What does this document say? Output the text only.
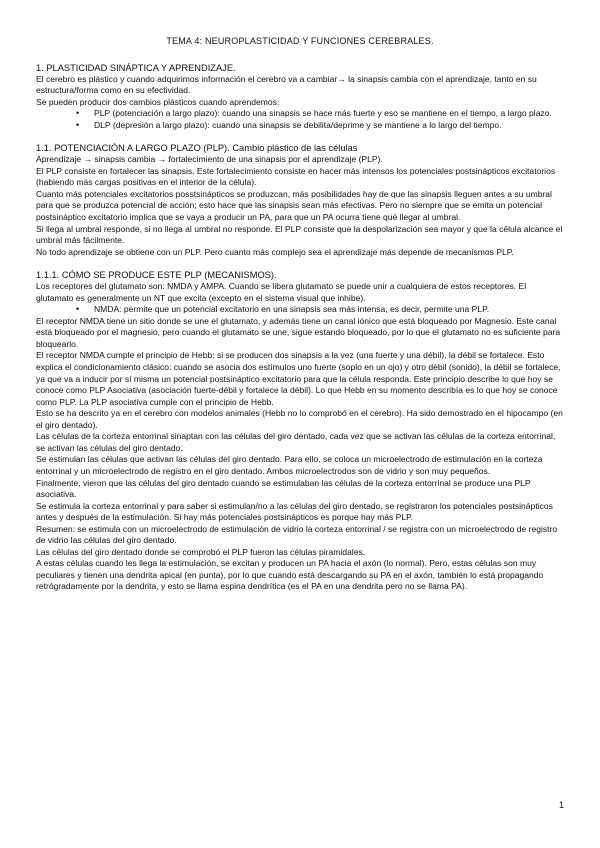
TEMA 4: NEUROPLASTICIDAD Y FUNCIONES CEREBRALES.

1. PLASTICIDAD SINÁPTICA Y APRENDIZAJE.

El cerebro es plástico y cuando adquirimos información el cerebro va a cambiar→ la sinapsis cambia con el aprendizaje, tanto en su estructura/forma como en su efectividad.

Se pueden producir dos cambios plásticos cuando aprendemos:

• PLP (potenciación a largo plazo): cuando una sinapsis se hace más fuerte y eso se mantiene en el tiempo, a largo plazo.
• DLP (depresión a largo plazo): cuando una sinapsis se debilita/deprime y se mantiene a lo largo del tiempo.

1.1. POTENCIACIÓN A LARGO PLAZO (PLP). Cambio plástico de las células

Aprendizaje → sinapsis cambia → fortalecimiento de una sinapsis por el aprendizaje (PLP).

El PLP consiste en fortalecer las sinapsis. Este fortalecimiento consiste en hacer más intensos los potenciales postsinápticos excitatorios (habiendo más cargas positivas en el interior de la célula).

Cuanto más potenciales excitatorios posstsinápticos se produzcan, más posibilidades hay de que las sinapsis lleguen antes a su umbral para que se produzca potencial de acción; esto hace que las sinapsis sean más efectivas. Pero no siempre que se emita un potencial postsináptico excitatorio implica que se vaya a producir un PA, para que un PA ocurra tiene qué llegar al umbral.

Si llega al umbral responde, si no llega al umbral no responde. El PLP consiste que la despolarización sea mayor y que la célula alcance el umbral más fácilmente.

No todo aprendizaje se obtiene con un PLP. Pero cuanto más complejo sea el aprendizaje más depende de mecanismos PLP.

1.1.1. CÓMO SE PRODUCE ESTE PLP (MECANISMOS).

Los receptores del glutamato son: NMDA y AMPA. Cuando se libera glutamato se puede unir a cualquiera de estos receptores. El glutamato es generalmente un NT que excita (excepto en el sistema visual que inhibe).

• NMDA: permite que un potencial excitatorio en una sinapsis sea más intensa, es decir, permite una PLP.

El receptor NMDA tiene un sitio donde se une el glutamato, y además tiene un canal iónico que está bloqueado por Magnesio. Este canal está bloqueado por el magnesio, pero cuando el glutamato se une, sigue estando bloqueado, por lo que el glutamato no es suficiente para bloquearlo.

El receptor NMDA cumple el principio de Hebb: si se producen dos sinapsis a la vez (una fuerte y una débil), la débil se fortalece. Esto explica el condicionamiento clásico: cuando se asocia dos estímulos uno fuerte (soplo en un ojo) y otro débil (sonido), la débil se fortalece, ya que va a inducir por sí misma un potencial postsináptico excitatorio para que la célula responda. Este principio describe lo que hoy se conoce como PLP Asociativa (asociación fuerte-débil y fortalece la débil). Lo que Hebb en su momento describía es lo que hoy se conoce como PLP. La PLP asociativa cumple con el principio de Hebb.

Esto se ha descrito ya en el cerebro con modelos animales (Hebb no lo comprobó en el cerebro). Ha sido demostrado en el hipocampo (en el giro dentado).

Las células de la corteza entorrinal sinaptan con las células del giro dentado, cada vez que se activan las células de la corteza entorrinal, se activan las células del giro dentado.

Se estimulan las células que activan las células del giro dentado. Para ello, se coloca un microelectrodo de estimulación en la corteza entorrinal y un microelectrodo de registro en el giro dentado. Ambos microelectrodos son de vidrio y son muy pequeños.

Finalmente, vieron que las células del giro dentado cuando se estimulaban las células de la corteza entorrinal se produce una PLP asociativa.

Se estimula la corteza entorrinal y para saber si estimulan/no a las células del giro dentado, se registraron los potenciales postsinápticos antes y después de la estimulación. Si hay más potenciales postsinápticos es porque hay más PLP.

Resumen: se estimula con un microelectrodo de estimulación de vidrio la corteza entorrinal / se registra con un microelectrodo de registro de vidrio las células del giro dentado.

Las células del giro dentado donde se comprobó el PLP fueron las células piramidales.

A estas células cuando les llega la estimulación, se excitan y producen un PA hacia el axón (lo normal). Pero, estas células son muy peculiares y tienen una dendrita apical (en punta), por lo que cuando está descargando su PA en el axón, también lo está propagando retrógradamente por la dendrita, y esto se llama espina dendrítica (es el PA en una dendrita pero no se llama PA).

1
